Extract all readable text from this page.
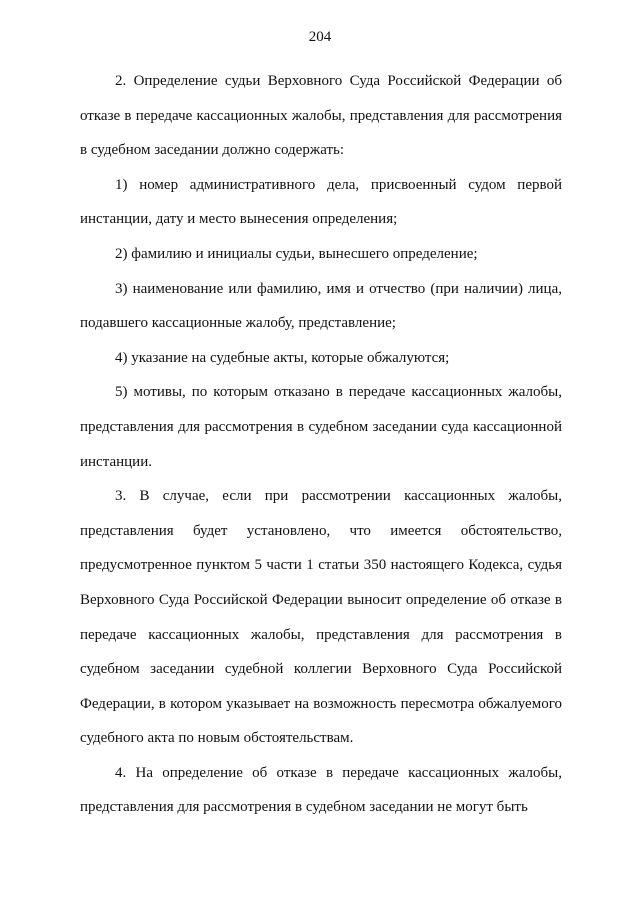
204

2. Определение судьи Верховного Суда Российской Федерации об отказе в передаче кассационных жалобы, представления для рассмотрения в судебном заседании должно содержать:

1) номер административного дела, присвоенный судом первой инстанции, дату и место вынесения определения;

2) фамилию и инициалы судьи, вынесшего определение;

3) наименование или фамилию, имя и отчество (при наличии) лица, подавшего кассационные жалобу, представление;

4) указание на судебные акты, которые обжалуются;

5) мотивы, по которым отказано в передаче кассационных жалобы, представления для рассмотрения в судебном заседании суда кассационной инстанции.

3. В случае, если при рассмотрении кассационных жалобы, представления будет установлено, что имеется обстоятельство, предусмотренное пунктом 5 части 1 статьи 350 настоящего Кодекса, судья Верховного Суда Российской Федерации выносит определение об отказе в передаче кассационных жалобы, представления для рассмотрения в судебном заседании судебной коллегии Верховного Суда Российской Федерации, в котором указывает на возможность пересмотра обжалуемого судебного акта по новым обстоятельствам.

4. На определение об отказе в передаче кассационных жалобы, представления для рассмотрения в судебном заседании не могут быть
